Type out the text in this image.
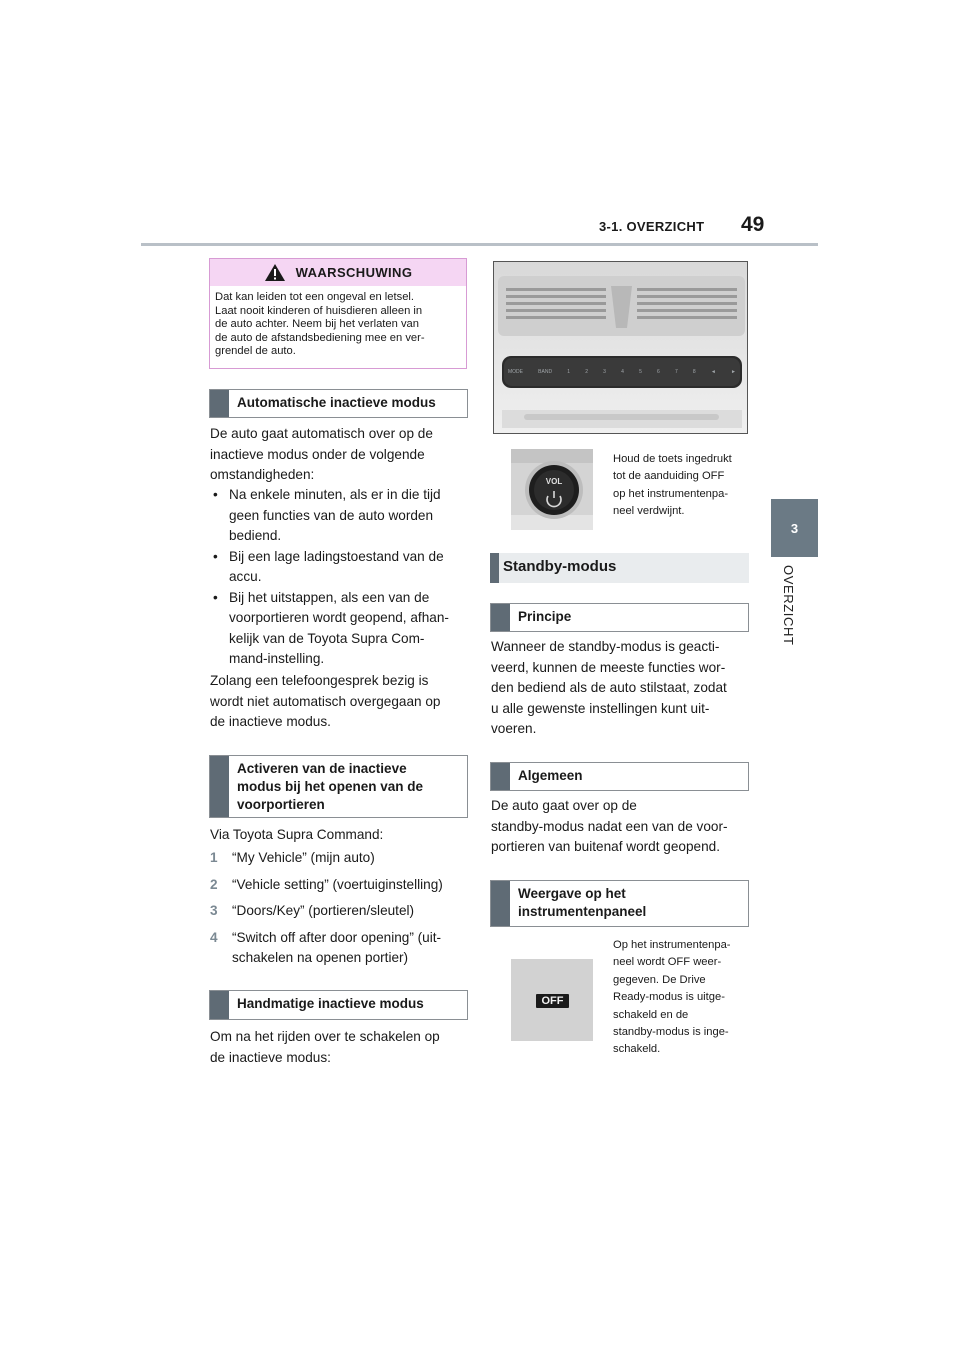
3-1. OVERZICHT 49
3
OVERZICHT
WAARSCHUWING
Dat kan leiden tot een ongeval en letsel.
Laat nooit kinderen of huisdieren alleen in
de auto achter. Neem bij het verlaten van
de auto de afstandsbediening mee en ver-
grendel de auto.
Automatische inactieve modus
De auto gaat automatisch over op de
inactieve modus onder de volgende
omstandigheden:
• Na enkele minuten, als er in die tijd
geen functies van de auto worden
bediend.
• Bij een lage ladingstoestand van de
accu.
• Bij het uitstappen, als een van de
voorportieren wordt geopend, afhan-
kelijk van de Toyota Supra Com-
mand-instelling.
Zolang een telefoongesprek bezig is
wordt niet automatisch overgegaan op
de inactieve modus.
Activeren van de inactieve
modus bij het openen van de
voorportieren
Via Toyota Supra Command:
1 “My Vehicle” (mijn auto)
2 “Vehicle setting” (voertuiginstelling)
3 “Doors/Key” (portieren/sleutel)
4 “Switch off after door opening” (uit-
schakelen na openen portier)
Handmatige inactieve modus
Om na het rijden over te schakelen op
de inactieve modus:
MODE	BAND	1	2	3	4	5	6	7	8	◄	►
VOL
Houd de toets ingedrukt
tot de aanduiding OFF
op het instrumentenpa-
neel verdwijnt.
Standby-modus
Principe
Wanneer de standby-modus is geacti-
veerd, kunnen de meeste functies wor-
den bediend als de auto stilstaat, zodat
u alle gewenste instellingen kunt uit-
voeren.
Algemeen
De auto gaat over op de
standby-modus nadat een van de voor-
portieren van buitenaf wordt geopend.
Weergave op het
instrumentenpaneel
OFF
Op het instrumentenpa-
neel wordt OFF weer-
gegeven. De Drive
Ready-modus is uitge-
schakeld en de
standby-modus is inge-
schakeld.
